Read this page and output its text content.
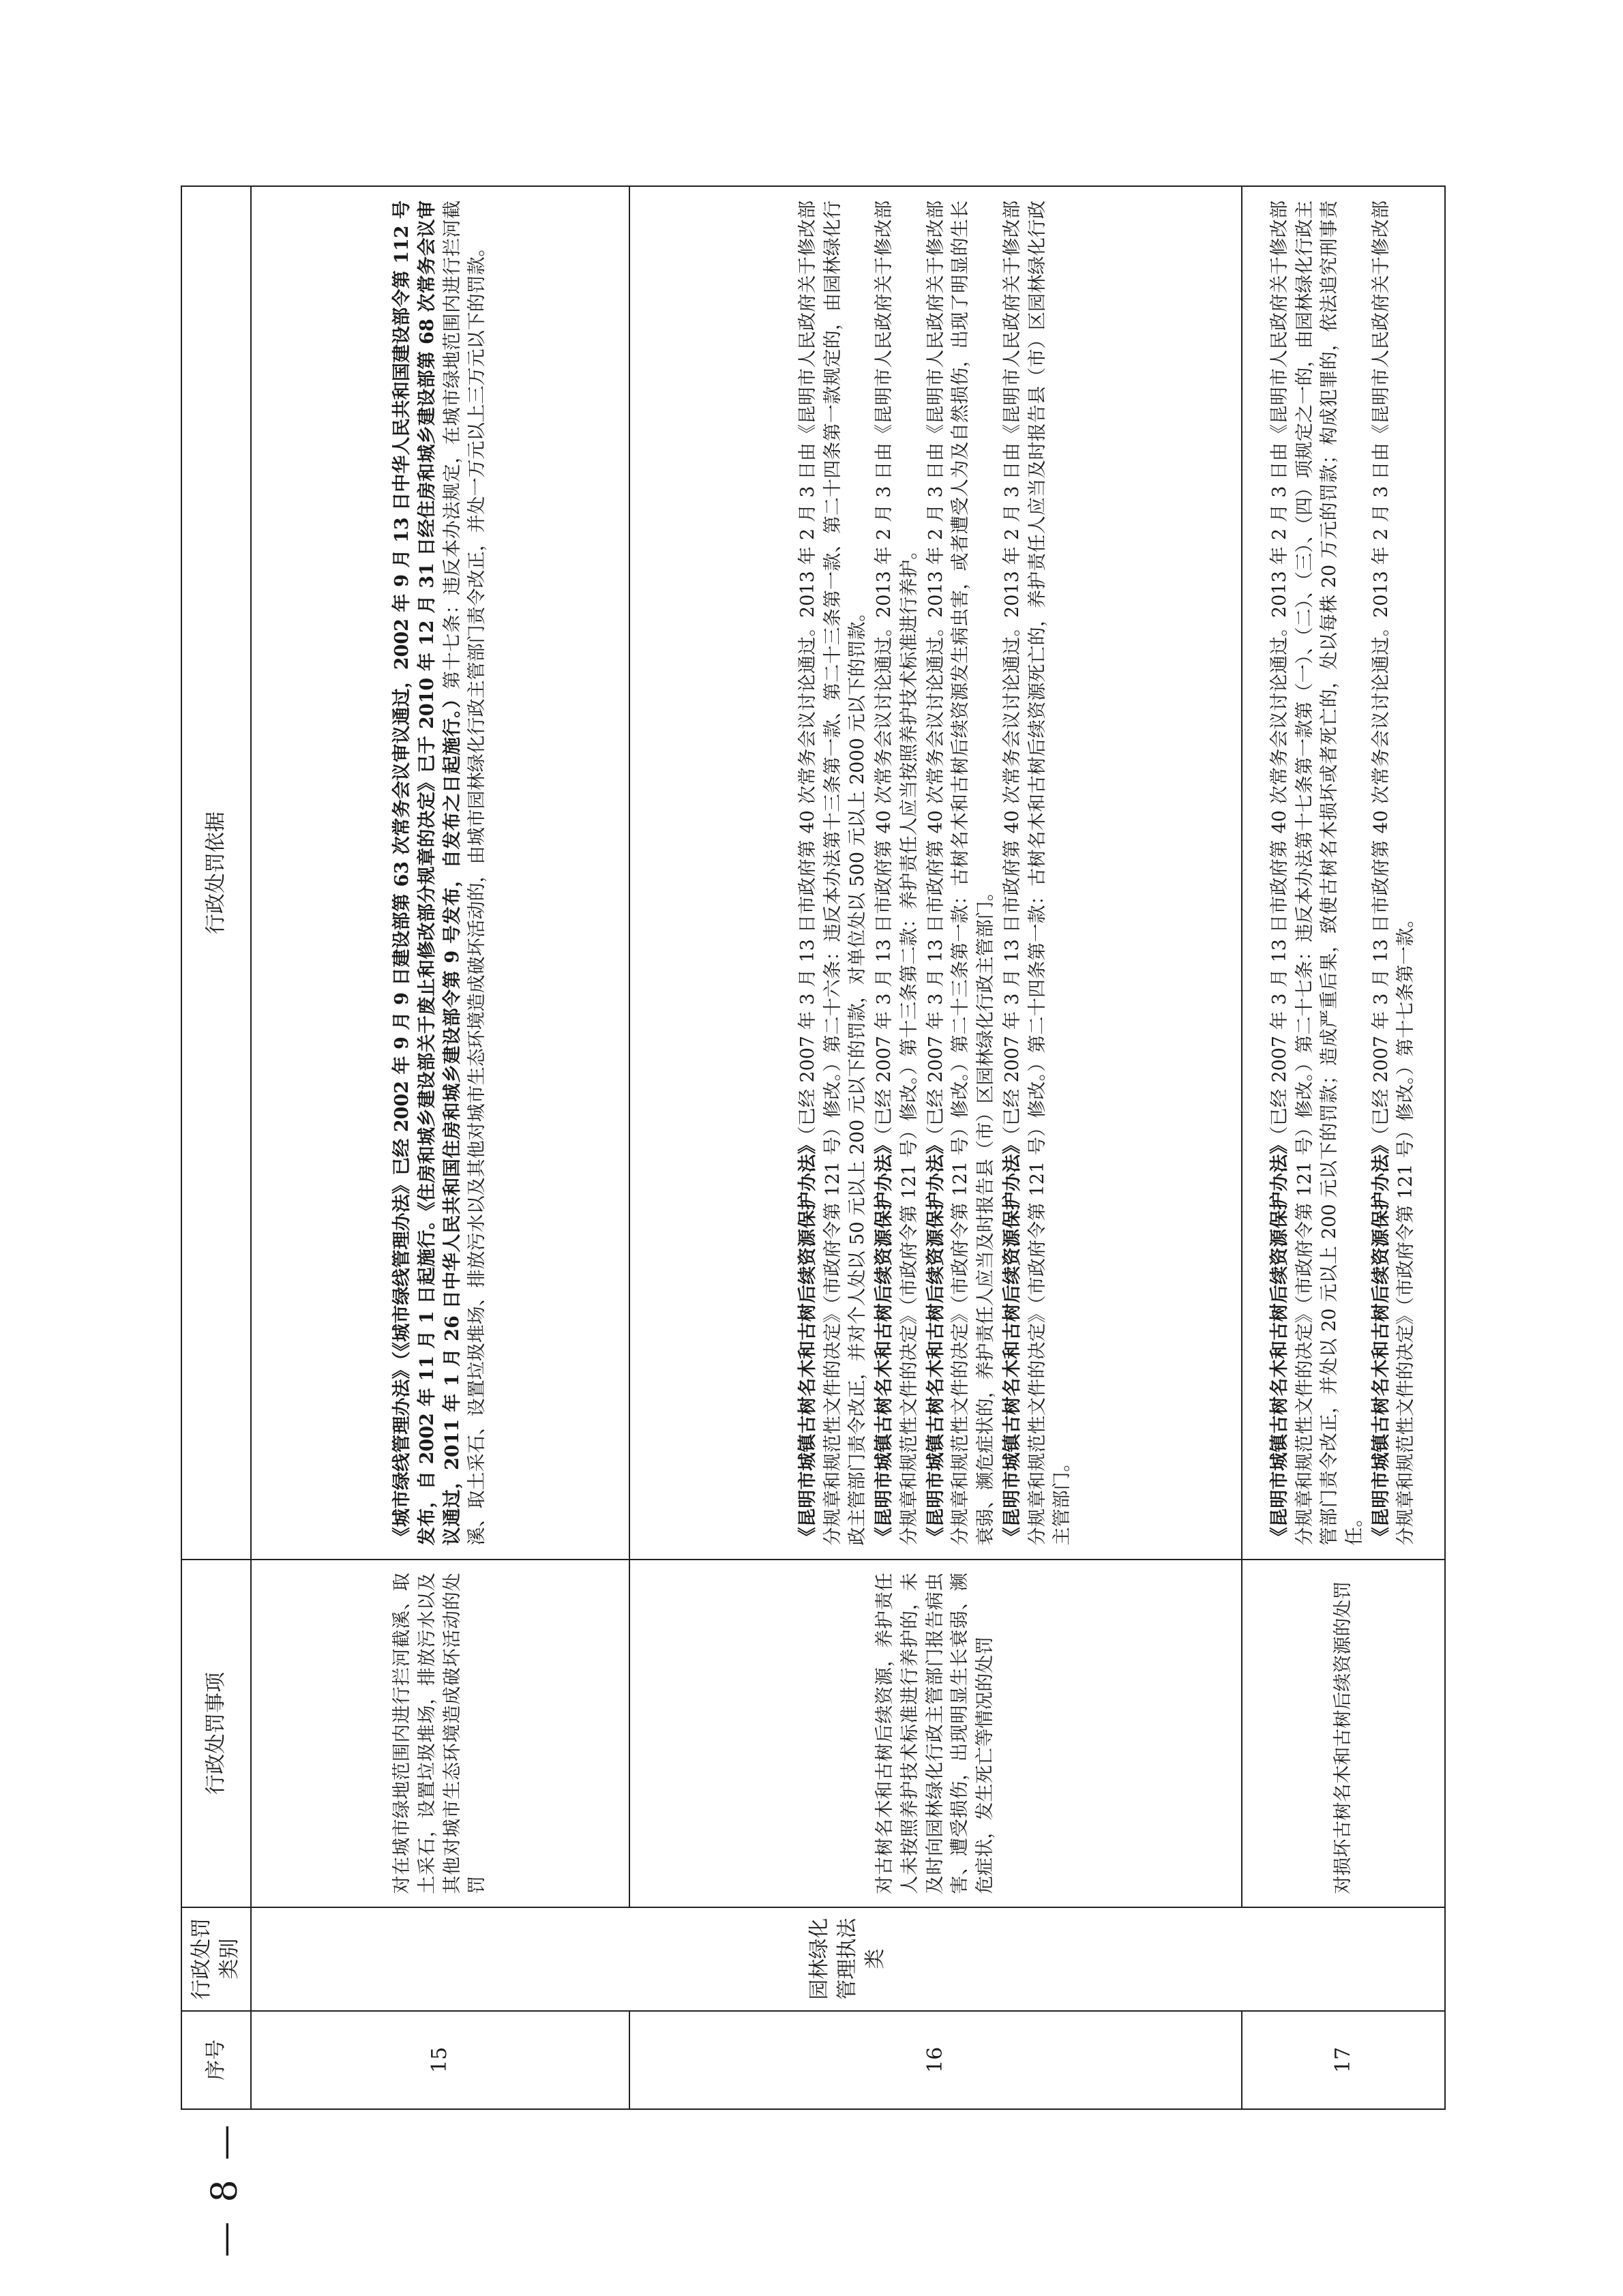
序号	行政处罚类别	行政处罚事项	行政处罚依据
15	园林绿化管理执法类	对在城市绿地范围内进行拦河截溪、取土采石，设置垃圾堆场，排放污水以及其他对城市生态环境造成破坏活动的处罚	《城市绿线管理办法》（《城市绿线管理办法》已经 2002 年 9 月 9 日建设部第 63 次常务会议审议通过，2002 年 9 月 13 日中华人民共和国建设部令第 112 号发布，自 2002 年 11 月 1 日起施行。《住房和城乡建设部关于废止和修改部分规章的决定》已于 2010 年 12 月 31 日经住房和城乡建设部第 68 次常务会议审议通过，2011 年 1 月 26 日中华人民共和国住房和城乡建设部令第 9 号发布，自发布之日起施行。）第十七条：违反本办法规定，在城市绿地范围内进行拦河截溪、取土采石、设置垃圾堆场、排放污水以及其他对城市生态环境造成破坏活动的，由城市园林绿化行政主管部门责令改正，并处一万元以上三万元以下的罚款。

16		对古树名木和古树后续资源，养护责任人未按照养护技术标准进行养护的，未及时向园林绿化行政主管部门报告病虫害、遭受损伤，出现明显生长衰弱、濒危症状，发生死亡等情况的处罚	《昆明市城镇古树名木和古树后续资源保护办法》（已经 2007 年 3 月 13 日市政府第 40 次常务会议讨论通过。2013 年 2 月 3 日由《昆明市人民政府关于修改部分规章和规范性文件的决定》（市政府令第 121 号）修改。）第二十六条：违反本办法第十三条第一款、第二十三条第一款、第二十四条第一款规定的，由园林绿化行政主管部门责令改正，并对个人处以 50 元以上 200 元以下的罚款，对单位处以 500 元以上 2000 元以下的罚款。 《昆明市城镇古树名木和古树后续资源保护办法》（已经 2007 年 3 月 13 日市政府第 40 次常务会议讨论通过。2013 年 2 月 3 日由《昆明市人民政府关于修改部分规章和规范性文件的决定》（市政府令第 121 号）修改。）第十三条第二款：养护责任人应当按照养护技术标准进行养护。 《昆明市城镇古树名木和古树后续资源保护办法》（已经 2007 年 3 月 13 日市政府第 40 次常务会议讨论通过。2013 年 2 月 3 日由《昆明市人民政府关于修改部分规章和规范性文件的决定》（市政府令第 121 号）修改。）第二十三条第一款：古树名木和古树后续资源发生病虫害，或者遭受人为及自然损伤，出现了明显的生长衰弱、濒危症状的，养护责任人应当及时报告县（市）区园林绿化行政主管部门。 《昆明市城镇古树名木和古树后续资源保护办法》（已经 2007 年 3 月 13 日市政府第 40 次常务会议讨论通过。2013 年 2 月 3 日由《昆明市人民政府关于修改部分规章和规范性文件的决定》（市政府令第 121 号）修改。）第二十四条第一款：古树名木和古树后续资源死亡的，养护责任人应当及时报告县（市）区园林绿化行政主管部门。

17		对损坏古树名木和古树后续资源的处罚	《昆明市城镇古树名木和古树后续资源保护办法》（已经 2007 年 3 月 13 日市政府第 40 次常务会议讨论通过。2013 年 2 月 3 日由《昆明市人民政府关于修改部分规章和规范性文件的决定》（市政府令第 121 号）修改。）第二十七条：违反本办法第十七条第一款第（一）、（二）、（三）、（四）项规定之一的，由园林绿化行政主管部门责令改正，并处以 20 元以上 200 元以下的罚款；造成严重后果，致使古树名木损坏或者死亡的，处以每株 20 万元的罚款；构成犯罪的，依法追究刑事责任。 《昆明市城镇古树名木和古树后续资源保护办法》（已经 2007 年 3 月 13 日市政府第 40 次常务会议讨论通过。2013 年 2 月 3 日由《昆明市人民政府关于修改部分规章和规范性文件的决定》（市政府令第 121 号）修改。）第十七条第一款。

— 8 —
